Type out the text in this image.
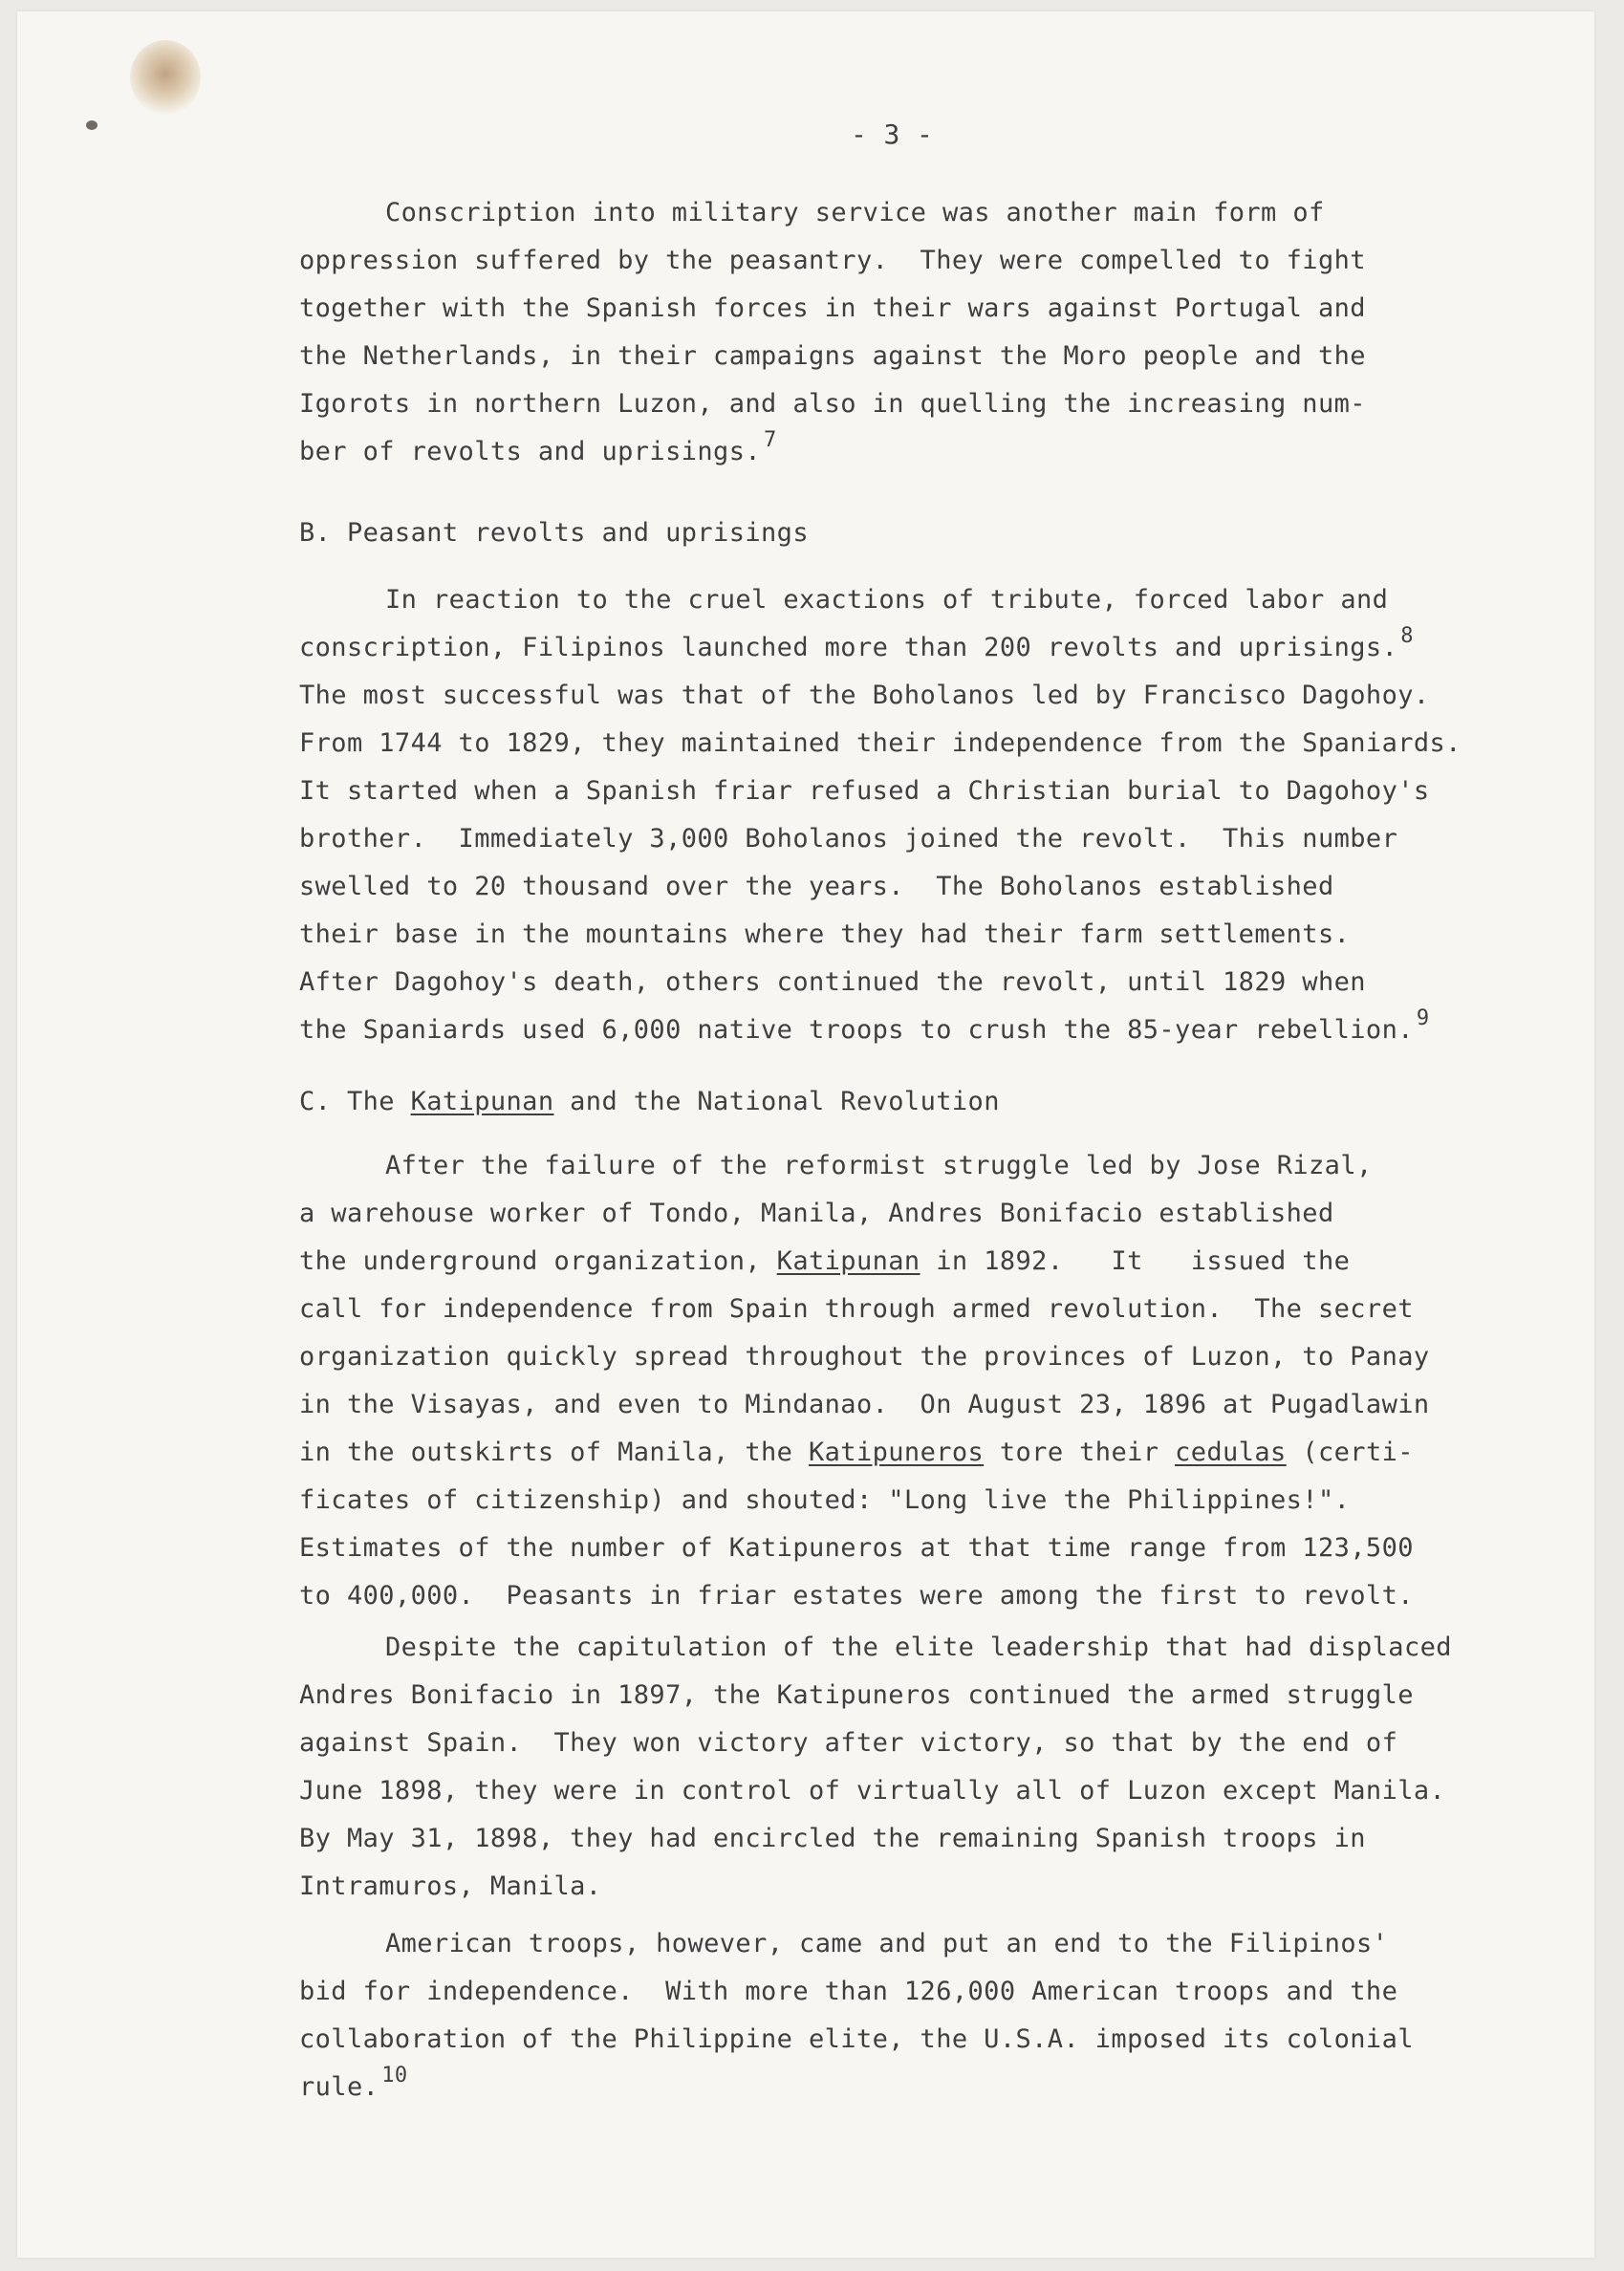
- 3 -
Conscription into military service was another main form of
oppression suffered by the peasantry.  They were compelled to fight
together with the Spanish forces in their wars against Portugal and
the Netherlands, in their campaigns against the Moro people and the
Igorots in northern Luzon, and also in quelling the increasing num-
ber of revolts and uprisings. $^7$
B. Peasant revolts and uprisings
In reaction to the cruel exactions of tribute, forced labor and
conscription, Filipinos launched more than 200 revolts and uprisings. $^8$
The most successful was that of the Boholanos led by Francisco Dagohoy.
From 1744 to 1829, they maintained their independence from the Spaniards.
It started when a Spanish friar refused a Christian burial to Dagohoy's
brother.  Immediately 3,000 Boholanos joined the revolt.  This number
swelled to 20 thousand over the years.  The Boholanos established
their base in the mountains where they had their farm settlements.
After Dagohoy's death, others continued the revolt, until 1829 when
the Spaniards used 6,000 native troops to crush the 85-year rebellion. $^9$
C. The Katipunan and the National Revolution
After the failure of the reformist struggle led by Jose Rizal,
a warehouse worker of Tondo, Manila, Andres Bonifacio established
the underground organization, Katipunan in 1892.   It   issued the
call for independence from Spain through armed revolution.  The secret
organization quickly spread throughout the provinces of Luzon, to Panay
in the Visayas, and even to Mindanao.  On August 23, 1896 at Pugadlawin
in the outskirts of Manila, the Katipuneros tore their cedulas (certi-
ficates of citizenship) and shouted: "Long live the Philippines!".
Estimates of the number of Katipuneros at that time range from 123,500
to 400,000.  Peasants in friar estates were among the first to revolt.
Despite the capitulation of the elite leadership that had displaced
Andres Bonifacio in 1897, the Katipuneros continued the armed struggle
against Spain.  They won victory after victory, so that by the end of
June 1898, they were in control of virtually all of Luzon except Manila.
By May 31, 1898, they had encircled the remaining Spanish troops in
Intramuros, Manila.
American troops, however, came and put an end to the Filipinos'
bid for independence.  With more than 126,000 American troops and the
collaboration of the Philippine elite, the U.S.A. imposed its colonial
rule. $^{10}$
